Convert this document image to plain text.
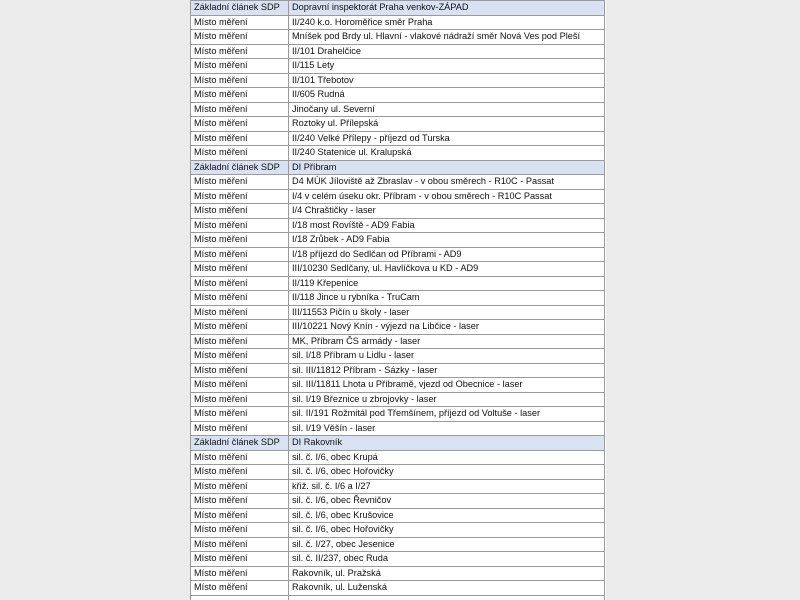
Základní článek SDP	Dopravní inspektorát Praha venkov-ZÁPAD
Místo měření	II/240 k.o. Horoměřice směr Praha
Místo měření	Mníšek pod Brdy ul. Hlavní - vlakové nádraží směr Nová Ves pod Pleší
Místo měření	II/101 Drahelčice
Místo měření	II/115 Lety
Místo měření	II/101 Třebotov
Místo měření	II/605 Rudná
Místo měření	Jinočany ul. Severní
Místo měření	Roztoky ul. Přílepská
Místo měření	II/240 Velké Přílepy - příjezd od Turska
Místo měření	II/240 Statenice ul. Kralupská
Základní článek SDP	DI Příbram
Místo měření	D4 MÚK Jíloviště až Zbraslav - v obou směrech - R10C - Passat
Místo měření	I/4 v celém úseku okr. Příbram - v obou směrech - R10C Passat
Místo měření	I/4 Chraštičky - laser
Místo měření	I/18 most Rovíště - AD9 Fabia
Místo měření	I/18 Zrůbek - AD9 Fabia
Místo měření	I/18 příjezd do Sedlčan od Příbrami - AD9
Místo měření	III/10230 Sedlčany, ul. Havlíčkova u KD - AD9
Místo měření	II/119 Křepenice
Místo měření	II/118 Jince u rybníka - TruCam
Místo měření	III/11553 Pičín u školy - laser
Místo měření	III/10221 Nový Knín - výjezd na Libčice - laser
Místo měření	MK, Příbram ČS armády - laser
Místo měření	sil. I/18 Příbram u Lidlu - laser
Místo měření	sil. III/11812 Příbram - Sázky - laser
Místo měření	sil. III/11811 Lhota u Příbramě, vjezd od Obecnice - laser
Místo měření	sil. I/19 Březnice u zbrojovky - laser
Místo měření	sil. II/191 Rožmitál pod Třemšínem, příjezd od Voltuše - laser
Místo měření	sil. I/19 Věšín - laser
Základní článek SDP	DI Rakovník
Místo měření	sil. č. I/6, obec Krupá
Místo měření	sil. č. I/6, obec Hořovičky
Místo měření	křiž. sil. č. I/6 a I/27
Místo měření	sil. č. I/6, obec Řevničov
Místo měření	sil. č. I/6, obec Krušovice
Místo měření	sil. č. I/6, obec Hořovičky
Místo měření	sil. č. I/27, obec Jesenice
Místo měření	sil. č. II/237, obec Ruda
Místo měření	Rakovník, ul. Pražská
Místo měření	Rakovník, ul. Luženská
